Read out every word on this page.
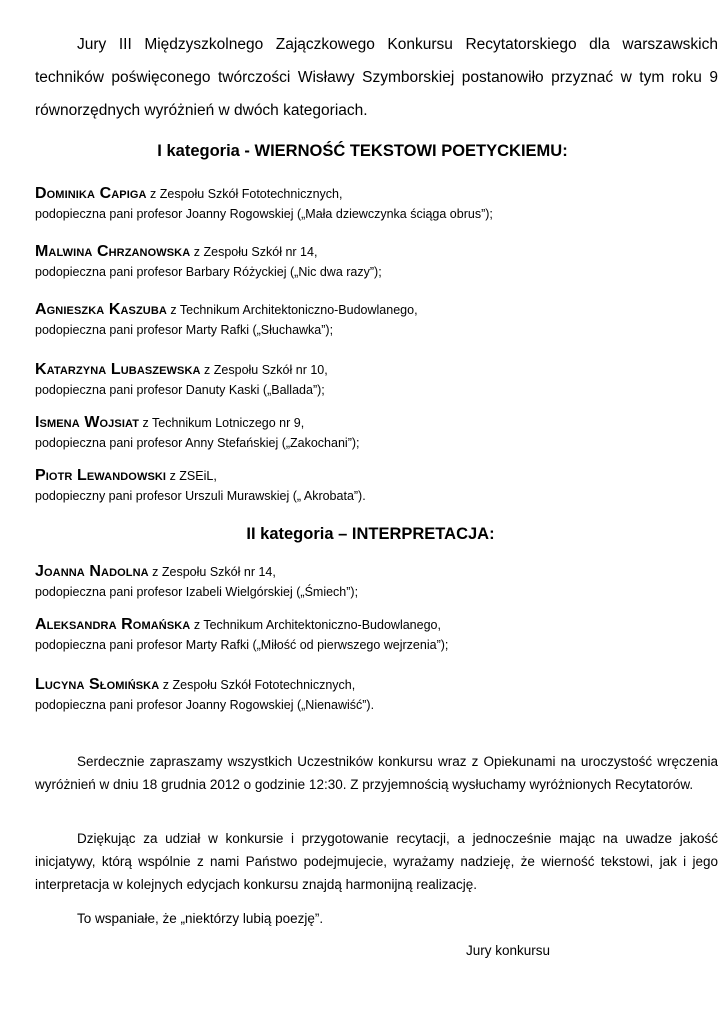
Jury III Międzyszkolnego Zajączkowego Konkursu Recytatorskiego dla warszawskich techników poświęconego twórczości Wisławy Szymborskiej postanowiło przyznać w tym roku 9 równorzędnych wyróżnień w dwóch kategoriach.

I kategoria - WIERNOŚĆ TEKSTOWI POETYCKIEMU:

Dominika Capiga z Zespołu Szkół Fototechnicznych,
podopieczna pani profesor Joanny Rogowskiej („Mała dziewczynka ściąga obrus”);
Malwina Chrzanowska z Zespołu Szkół nr 14,
podopieczna pani profesor Barbary Różyckiej („Nic dwa razy”);
Agnieszka Kaszuba z Technikum Architektoniczno-Budowlanego,
podopieczna pani profesor Marty Rafki („Słuchawka”);
Katarzyna Lubaszewska z Zespołu Szkół nr 10,
podopieczna pani profesor Danuty Kaski („Ballada”);
Ismena Wojsiat z Technikum Lotniczego nr 9,
podopieczna pani profesor Anny Stefańskiej („Zakochani”);
Piotr Lewandowski z ZSEiL,
podopieczny pani profesor Urszuli Murawskiej („ Akrobata”).

II kategoria – INTERPRETACJA:

Joanna Nadolna z Zespołu Szkół nr 14,
podopieczna pani profesor Izabeli Wielgórskiej („Śmiech”);
Aleksandra Romańska z Technikum Architektoniczno-Budowlanego,
podopieczna pani profesor Marty Rafki („Miłość od pierwszego wejrzenia”);
Lucyna Słomińska z Zespołu Szkół Fototechnicznych,
podopieczna pani profesor Joanny Rogowskiej („Nienawiść”).

Serdecznie zapraszamy wszystkich Uczestników konkursu wraz z Opiekunami na uroczystość wręczenia wyróżnień w dniu 18 grudnia 2012 o godzinie 12:30. Z przyjemnością wysłuchamy wyróżnionych Recytatorów.

Dziękując za udział w konkursie i przygotowanie recytacji, a jednocześnie mając na uwadze jakość inicjatywy, którą wspólnie z nami Państwo podejmujecie, wyrażamy nadzieję, że wierność tekstowi, jak i jego interpretacja w kolejnych edycjach konkursu znajdą harmonijną realizację.

To wspaniałe, że „niektórzy lubią poezję”.

Jury konkursu
